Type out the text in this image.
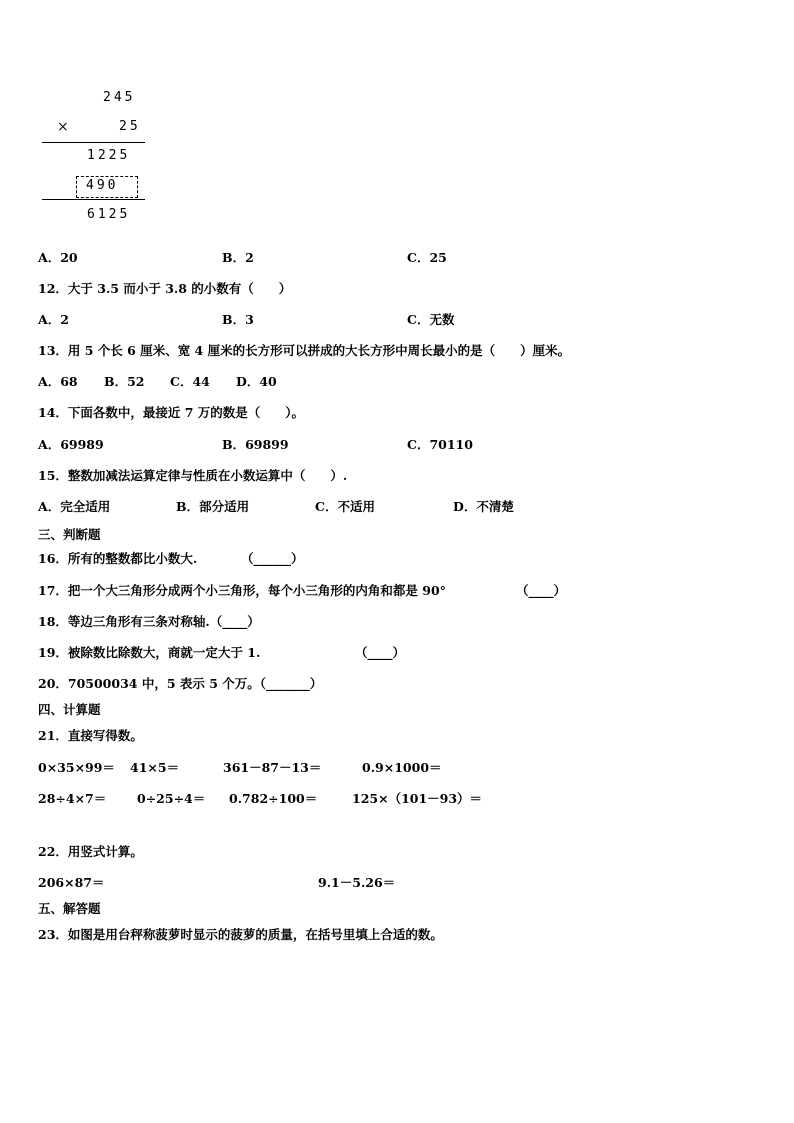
245
×	25
1225
490
6125
A．20	B．2	C．25
12．大于 3.5 而小于 3.8 的小数有（　　）
A．2	B．3	C．无数
13．用 5 个长 6 厘米、宽 4 厘米的长方形可以拼成的大长方形中周长最小的是（　　）厘米。
A．68 B．52 C．44 D．40
14．下面各数中，最接近 7 万的数是（　　）。
A．69989	B．69899	C．70110
15．整数加减法运算定律与性质在小数运算中（　　）.
A．完全适用	B．部分适用	C．不适用	D．不清楚
三、判断题
16．所有的整数都比小数大.	（______）
17．把一个大三角形分成两个小三角形，每个小三角形的内角和都是 90°	（____）
18．等边三角形有三条对称轴.（____）
19．被除数比除数大，商就一定大于 1.	（____）
20．70500034 中，5 表示 5 个万。（_______）
四、计算题
21．直接写得数。
0×35×99＝ 41×5＝	361－87－13＝	0.9×1000＝
28÷4×7＝ 0÷25÷4＝ 0.782÷100＝	125×（101－93）＝
22．用竖式计算。
206×87＝	9.1－5.26＝
五、解答题
23．如图是用台秤称菠萝时显示的菠萝的质量，在括号里填上合适的数。
